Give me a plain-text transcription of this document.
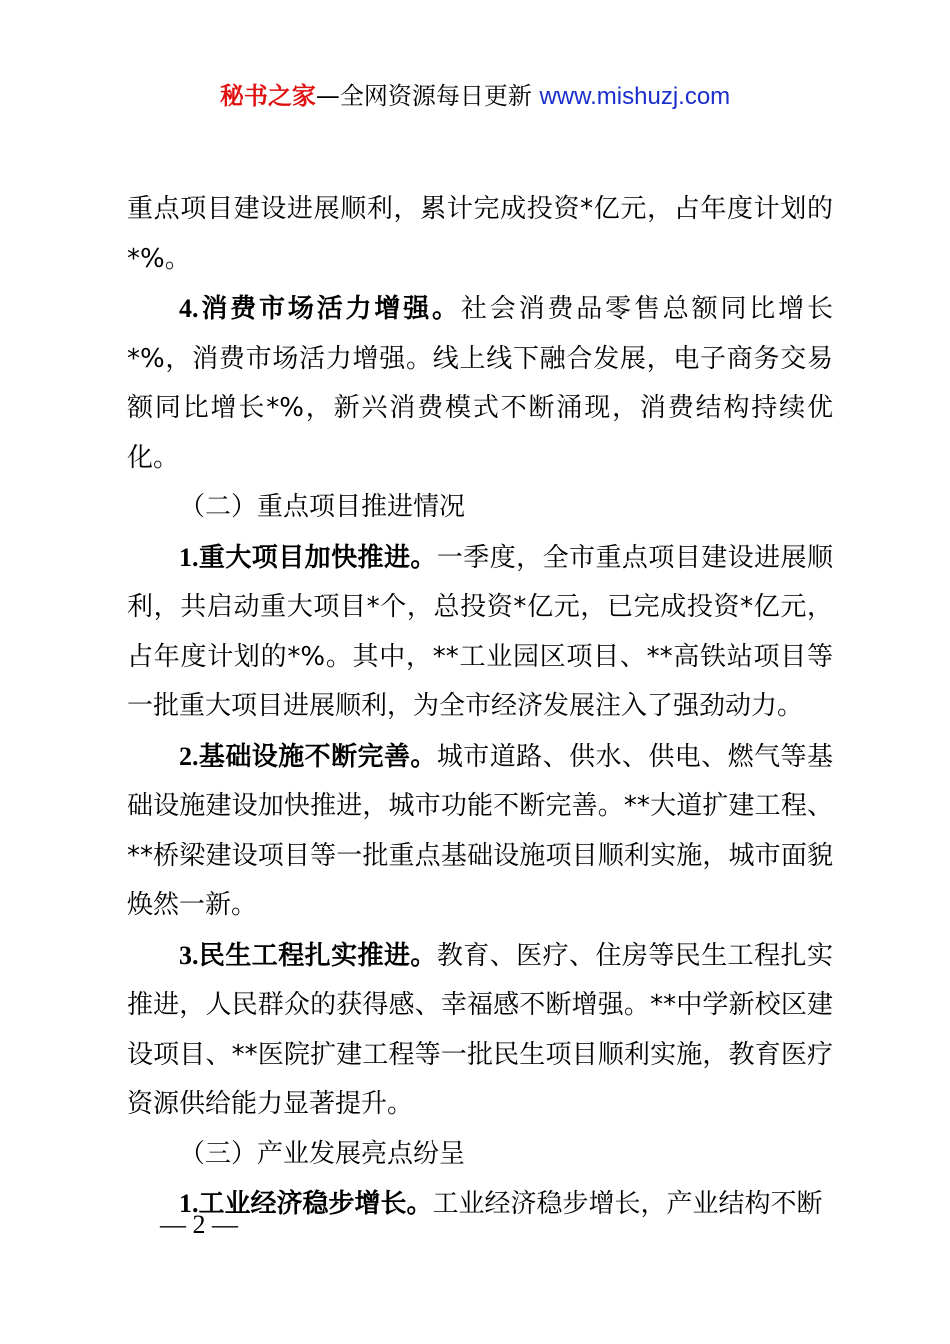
秘书之家—全网资源每日更新 www.mishuzj.com

重点项目建设进展顺利，累计完成投资*亿元，占年度计划的*%。

4.消费市场活力增强。社会消费品零售总额同比增长*%，消费市场活力增强。线上线下融合发展，电子商务交易额同比增长*%，新兴消费模式不断涌现，消费结构持续优化。

（二）重点项目推进情况

1.重大项目加快推进。一季度，全市重点项目建设进展顺利，共启动重大项目*个，总投资*亿元，已完成投资*亿元，占年度计划的*%。其中，**工业园区项目、**高铁站项目等一批重大项目进展顺利，为全市经济发展注入了强劲动力。

2.基础设施不断完善。城市道路、供水、供电、燃气等基础设施建设加快推进，城市功能不断完善。**大道扩建工程、**桥梁建设项目等一批重点基础设施项目顺利实施，城市面貌焕然一新。

3.民生工程扎实推进。教育、医疗、住房等民生工程扎实推进，人民群众的获得感、幸福感不断增强。**中学新校区建设项目、**医院扩建工程等一批民生项目顺利实施，教育医疗资源供给能力显著提升。

（三）产业发展亮点纷呈

1.工业经济稳步增长。工业经济稳步增长，产业结构不断

— 2 —
